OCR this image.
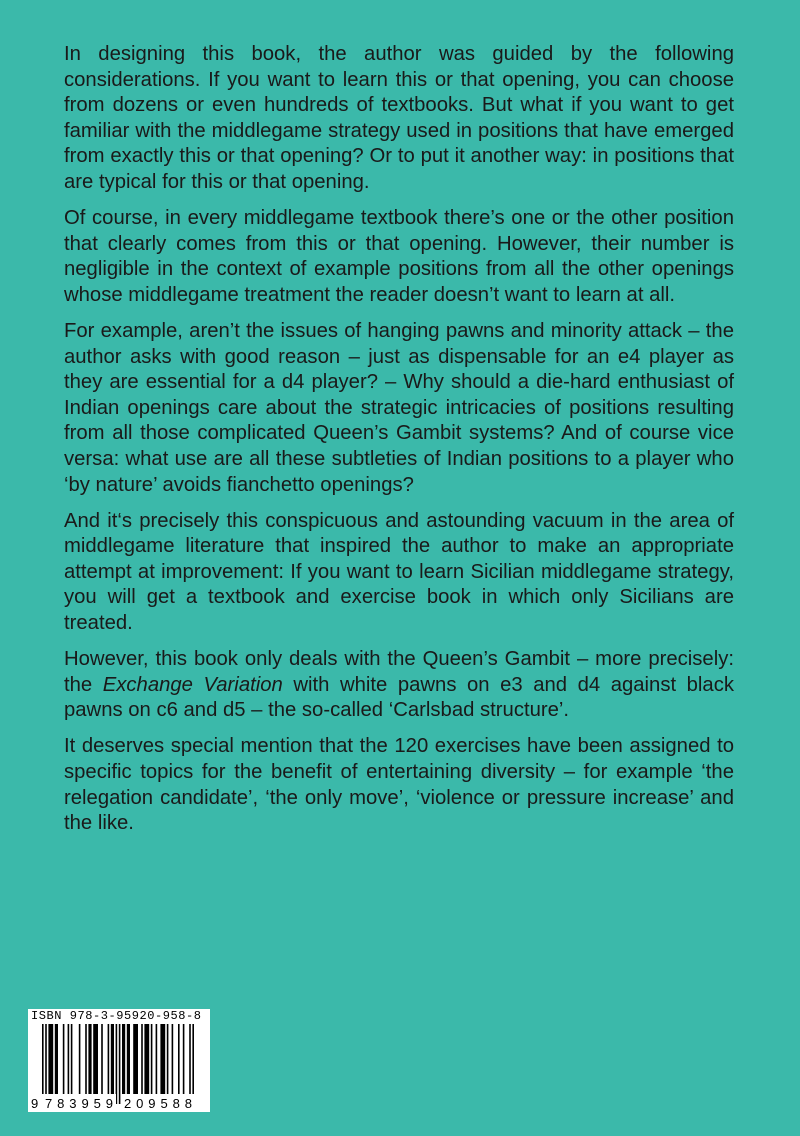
In designing this book, the author was guided by the following considerations. If you want to learn this or that opening, you can choose from dozens or even hundreds of textbooks. But what if you want to get familiar with the middlegame strategy used in positions that have emerged from exactly this or that opening? Or to put it another way: in positions that are typical for this or that opening.

Of course, in every middlegame textbook there’s one or the other position that clearly comes from this or that opening. However, their number is negligible in the context of example positions from all the other openings whose middlegame treatment the reader doesn’t want to learn at all.

For example, aren’t the issues of hanging pawns and minority attack – the author asks with good reason – just as dispensable for an e4 player as they are essential for a d4 player? – Why should a die-hard enthusiast of Indian openings care about the strategic intricacies of positions resulting from all those complicated Queen’s Gambit systems? And of course vice versa: what use are all these subtleties of Indian positions to a player who ‘by nature’ avoids fianchetto openings?

And it‘s precisely this conspicuous and astounding vacuum in the area of middlegame literature that inspired the author to make an appropriate attempt at improvement: If you want to learn Sicilian middlegame strategy, you will get a textbook and exercise book in which only Sicilians are treated.

However, this book only deals with the Queen’s Gambit – more precisely: the Exchange Variation with white pawns on e3 and d4 against black pawns on c6 and d5 – the so-called ‘Carlsbad structure’.

It deserves special mention that the 120 exercises have been assigned to specific topics for the benefit of entertaining diversity – for example ‘the relegation candidate’, ‘the only move’, ‘violence or pressure increase’ and the like.

ISBN 978-3-95920-958-8
9 783959 209588
